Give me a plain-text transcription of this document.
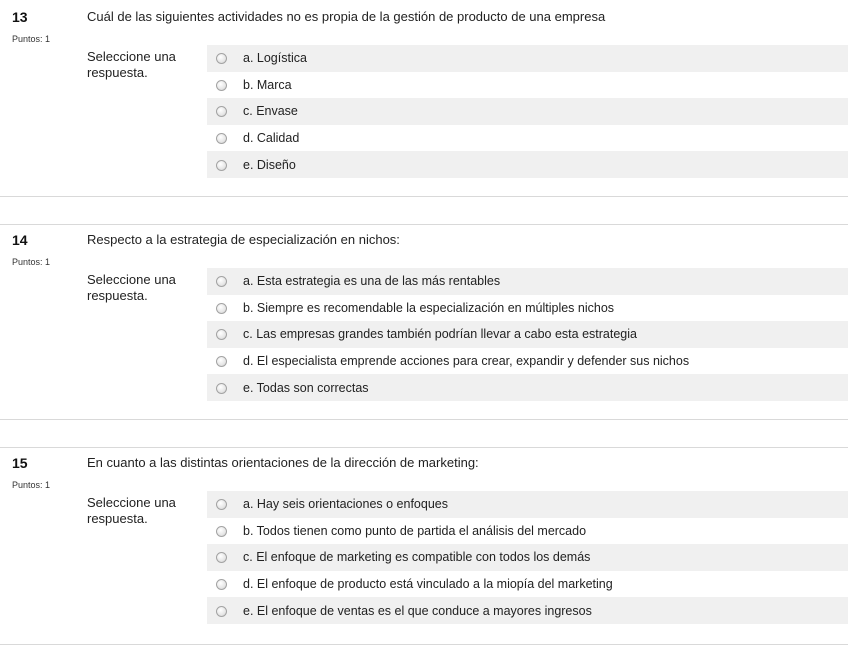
13
Puntos: 1
Cuál de las siguientes actividades no es propia de la gestión de producto de una empresa
Seleccione una respuesta.
a. Logística
b. Marca
c. Envase
d. Calidad
e. Diseño
14
Puntos: 1
Respecto a la estrategia de especialización en nichos:
Seleccione una respuesta.
a. Esta estrategia es una de las más rentables
b. Siempre es recomendable la especialización en múltiples nichos
c. Las empresas grandes también podrían llevar a cabo esta estrategia
d. El especialista emprende acciones para crear, expandir y defender sus nichos
e. Todas son correctas
15
Puntos: 1
En cuanto a las distintas orientaciones de la dirección de marketing:
Seleccione una respuesta.
a. Hay seis orientaciones o enfoques
b. Todos tienen como punto de partida el análisis del mercado
c. El enfoque de marketing es compatible con todos los demás
d. El enfoque de producto está vinculado a la miopía del marketing
e. El enfoque de ventas es el que conduce a mayores ingresos
